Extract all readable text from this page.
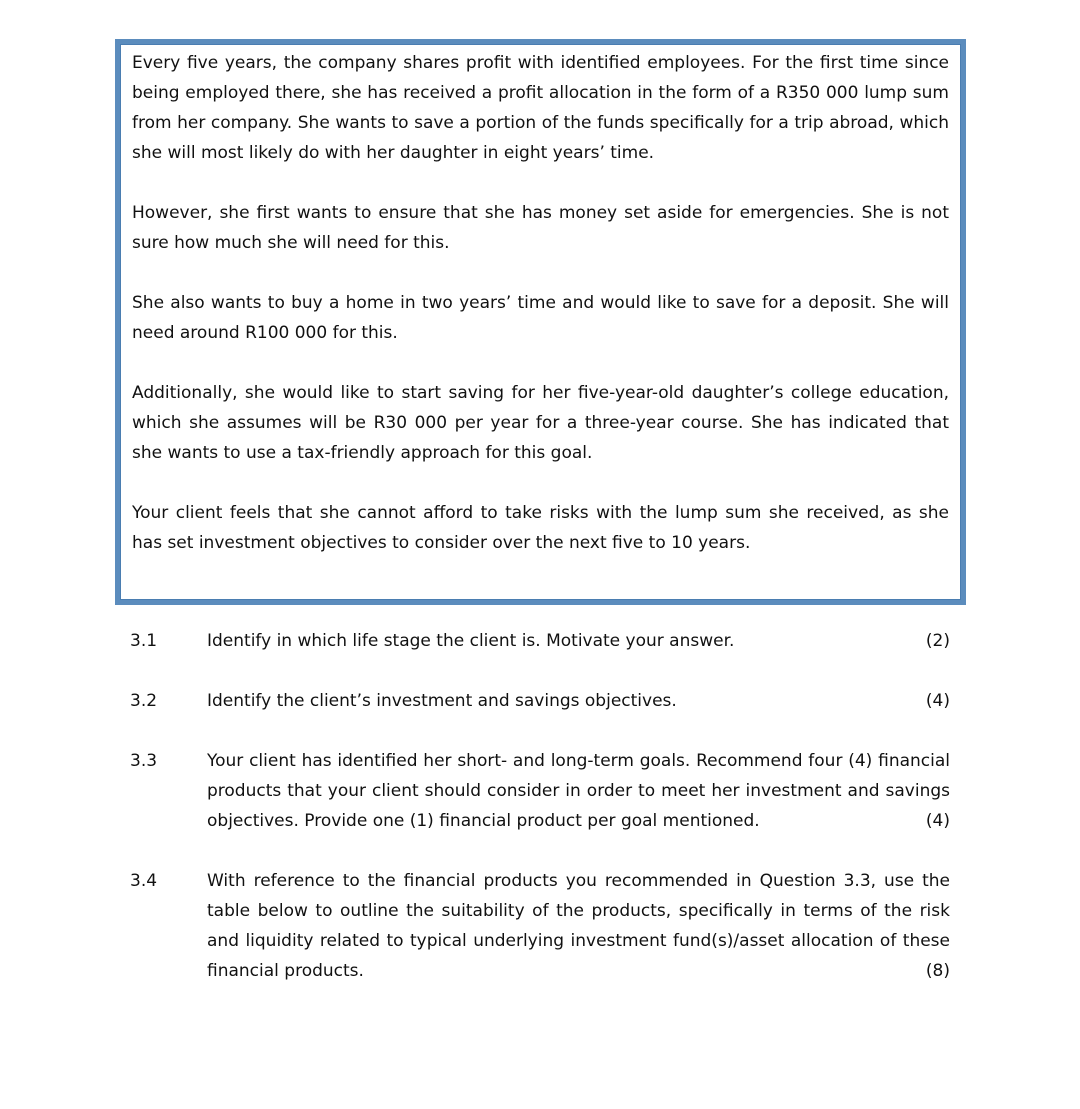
Every five years, the company shares profit with identified employees. For the first time since being employed there, she has received a profit allocation in the form of a R350 000 lump sum from her company. She wants to save a portion of the funds specifically for a trip abroad, which she will most likely do with her daughter in eight years’ time.

However, she first wants to ensure that she has money set aside for emergencies. She is not sure how much she will need for this.

She also wants to buy a home in two years’ time and would like to save for a deposit. She will need around R100 000 for this.

Additionally, she would like to start saving for her five-year-old daughter’s college education, which she assumes will be R30 000 per year for a three-year course. She has indicated that she wants to use a tax-friendly approach for this goal.

Your client feels that she cannot afford to take risks with the lump sum she received, as she has set investment objectives to consider over the next five to 10 years.

3.1	Identify in which life stage the client is. Motivate your answer.	(2)
3.2	Identify the client’s investment and savings objectives.	(4)
3.3	Your client has identified her short- and long-term goals. Recommend four (4) financial products that your client should consider in order to meet her investment and savings objectives. Provide one (1) financial product per goal mentioned.	(4)
3.4	With reference to the financial products you recommended in Question 3.3, use the table below to outline the suitability of the products, specifically in terms of the risk and liquidity related to typical underlying investment fund(s)/asset allocation of these financial products.	(8)
